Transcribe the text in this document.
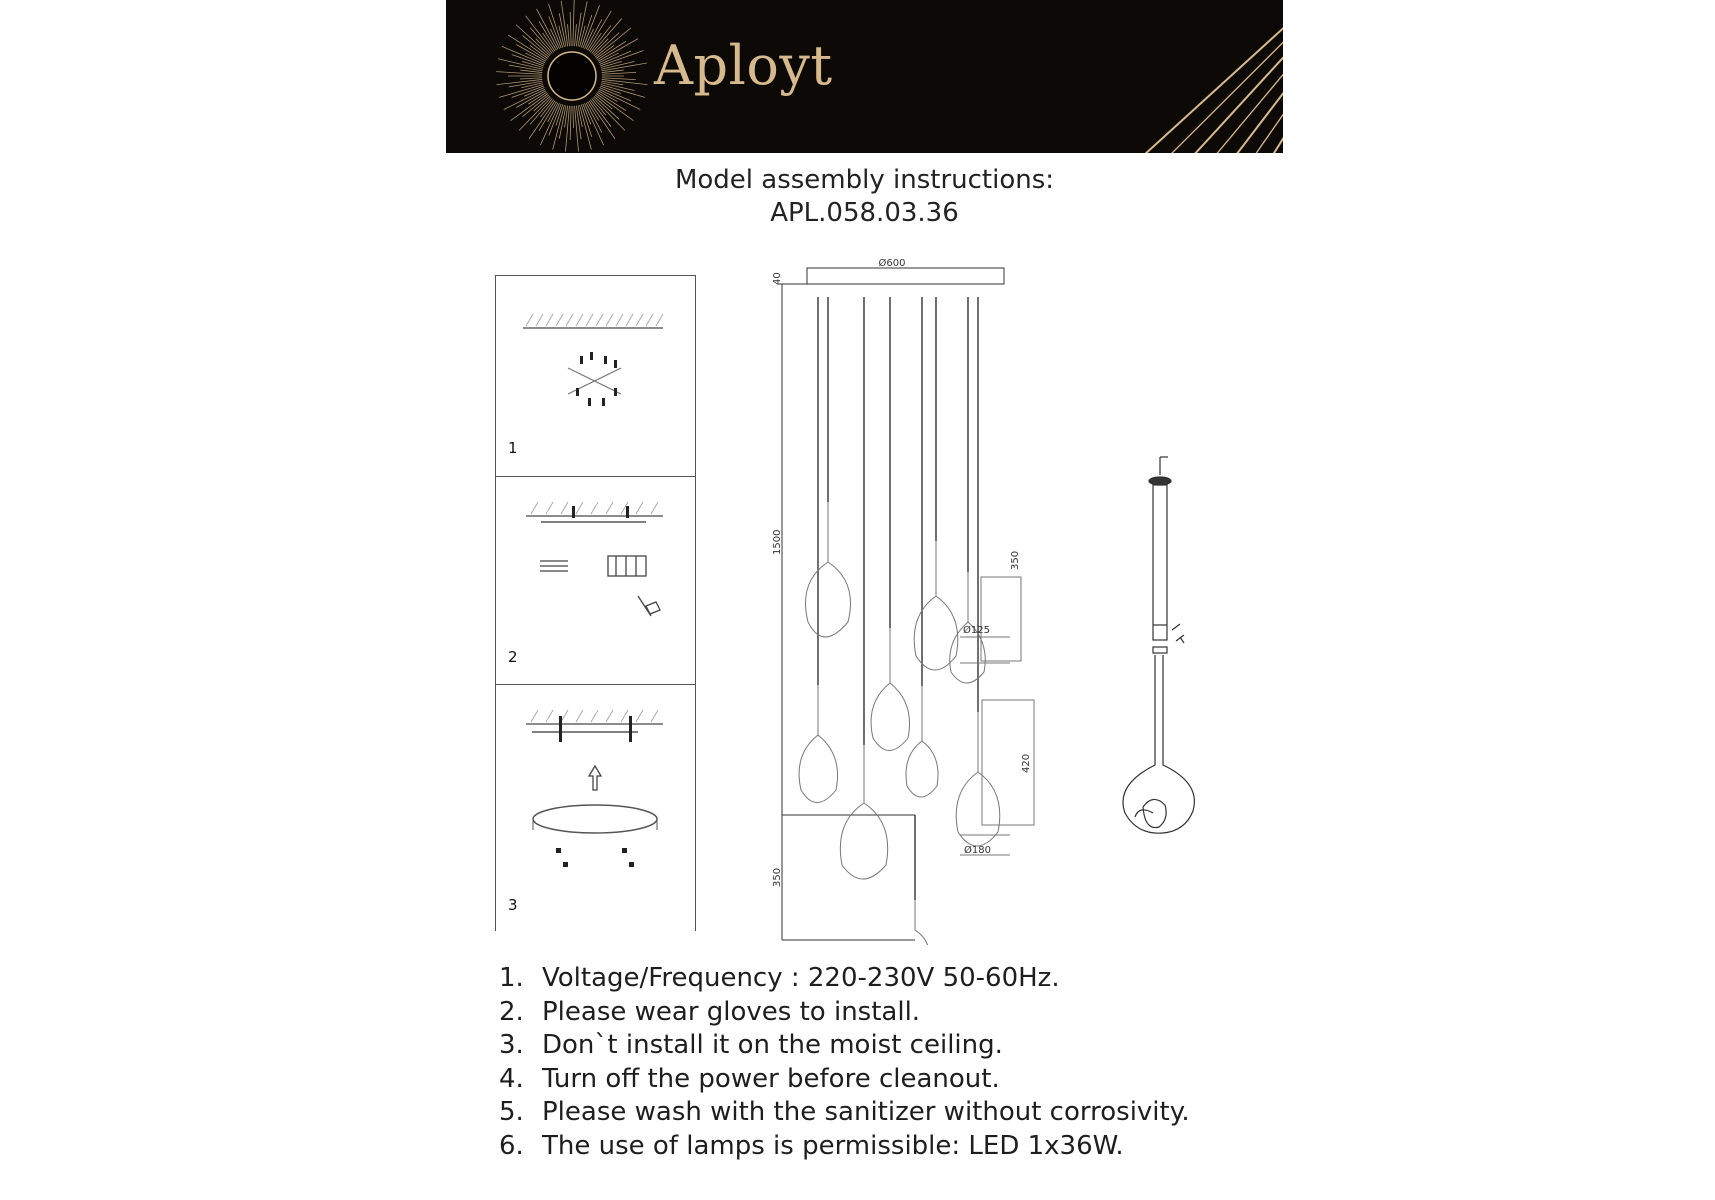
Aployt
Model assembly instructions:
APL.058.03.36
1
2
3
Ø600
40
1500
350
Ø125
420
Ø180
350
1. Voltage/Frequency : 220-230V 50-60Hz.
2. Please wear gloves to install.
3. Don`t install it on the moist ceiling.
4. Turn off the power before cleanout.
5. Please wash with the sanitizer without corrosivity.
6. The use of lamps is permissible: LED 1x36W.
